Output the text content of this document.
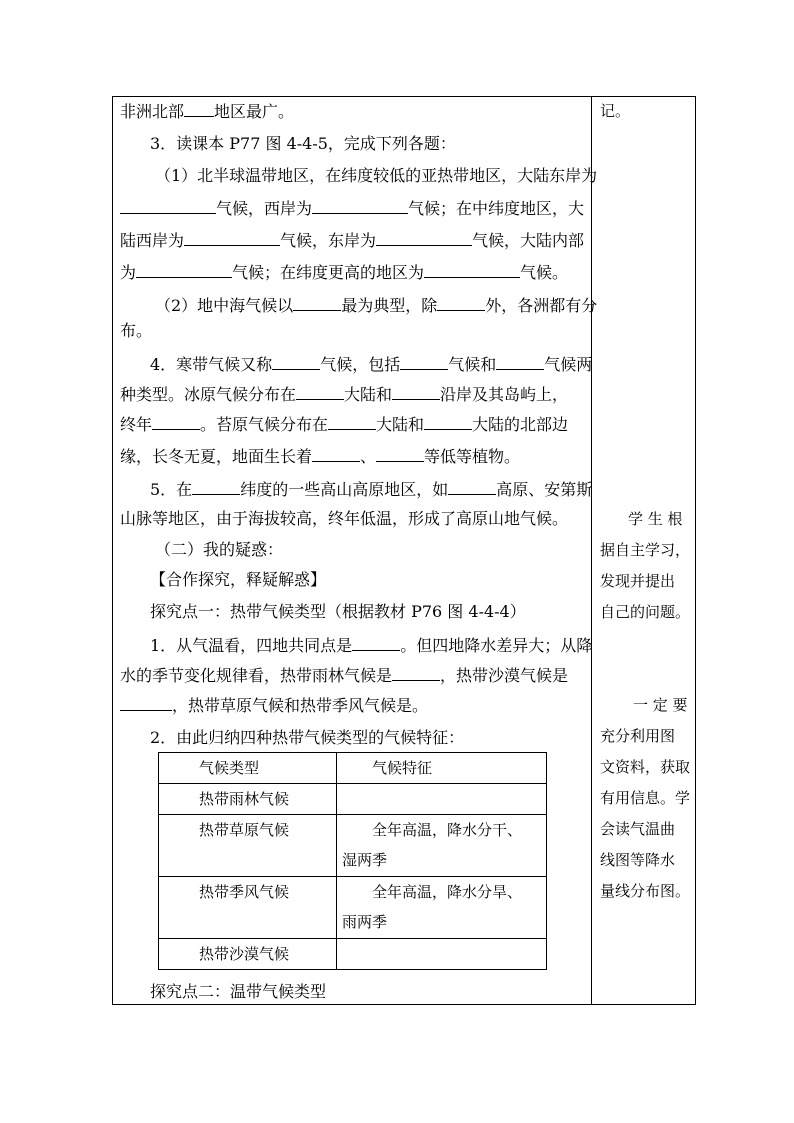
非洲北部 地区最广。
3．读课本 P77 图 4-4-5，完成下列各题：
（1）北半球温带地区，在纬度较低的亚热带地区，大陆东岸为
气候，西岸为	气候；在中纬度地区，大
陆西岸为	气候，东岸为	气候，大陆内部
为	气候；在纬度更高的地区为	气候。
（2）地中海气候以	最为典型，除	外，各洲都有分
布。
4．寒带气候又称	气候，包括	气候和	气候两
种类型。冰原气候分布在	大陆和	沿岸及其岛屿上，
终年	。苔原气候分布在	大陆和	大陆的北部边
缘，长冬无夏，地面生长着	、	等低等植物。
5．在	纬度的一些高山高原地区，如	高原、安第斯
山脉等地区，由于海拔较高，终年低温，形成了高原山地气候。
（二）我的疑惑：
【合作探究，释疑解惑】
探究点一：热带气候类型（根据教材 P76 图 4-4-4）
1．从气温看，四地共同点是	。但四地降水差异大；从降
水的季节变化规律看，热带雨林气候是	，热带沙漠气候是
，热带草原气候和热带季风气候是。
2．由此归纳四种热带气候类型的气候特征：
探究点二：温带气候类型
气候类型	气候特征

热带雨林气候	

热带草原气候	全年高温，降水分干、
湿两季

热带季风气候	全年高温，降水分旱、
雨两季

热带沙漠气候	

记。
学 生 根
据自主学习，
发现并提出
自己的问题。
一 定 要
充分利用图
文资料，获取
有用信息。学
会读气温曲
线图等降水
量线分布图。
